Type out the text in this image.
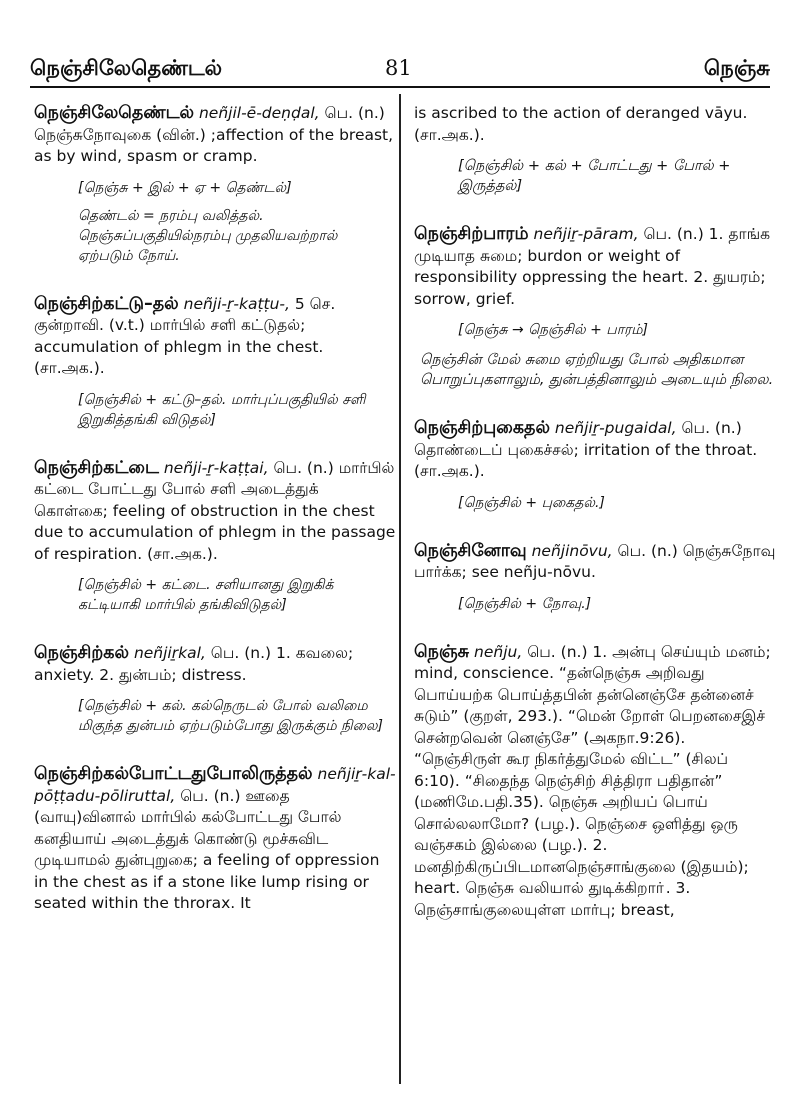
நெஞ்சிலேதெண்டல்	81	நெஞ்சு
நெஞ்சிலேதெண்டல் neñjil-ē-deṇḍal, பெ. (n.) நெஞ்சுநோவுகை (வின்.) ;affection of the breast, as by wind, spasm or cramp.
[நெஞ்சு + இல் + ஏ + தெண்டல்]
தெண்டல் = நரம்பு வலித்தல். நெஞ்சுப்பகுதியில்நரம்பு முதலியவற்றால் ஏற்படும் நோய்.
நெஞ்சிற்கட்டு–தல் neñji-ṟ-kaṭṭu-, 5 செ. குன்றாவி. (v.t.) மார்பில் சளி கட்டுதல்; accumulation of phlegm in the chest. (சா.அக.).
[நெஞ்சில் + கட்டு–தல். மார்புப்பகுதியில் சளி இறுகித்தங்கி விடுதல்]
நெஞ்சிற்கட்டை neñji-ṟ-kaṭṭai, பெ. (n.) மார்பில் கட்டை போட்டது போல் சளி அடைத்துக் கொள்கை; feeling of obstruction in the chest due to accumulation of phlegm in the passage of respiration. (சா.அக.).
[நெஞ்சில் + கட்டை. சளியானது இறுகிக் கட்டியாகி மார்பில் தங்கிவிடுதல்]
நெஞ்சிற்கல் neñjiṟkal, பெ. (n.) 1. கவலை; anxiety. 2. துன்பம்; distress.
[நெஞ்சில் + கல். கல்நெருடல் போல் வலிமை மிகுந்த துன்பம் ஏற்படும்போது இருக்கும் நிலை]
நெஞ்சிற்கல்போட்டதுபோலிருத்தல் neñjiṟ-kal-pōṭṭadu-pōliruttal, பெ. (n.) ஊதை (வாயு)வினால் மார்பில் கல்போட்டது போல் கனதியாய் அடைத்துக் கொண்டு மூச்சுவிட முடியாமல் துன்புறுகை; a feeling of oppression in the chest as if a stone like lump rising or seated within the throrax. It
is ascribed to the action of deranged vāyu. (சா.அக.).
[நெஞ்சில் + கல் + போட்டது + போல் + இருத்தல்]
நெஞ்சிற்பாரம் neñjiṟ-pāram, பெ. (n.) 1. தாங்க முடியாத சுமை; burdon or weight of responsibility oppressing the heart. 2. துயரம்; sorrow, grief.
[நெஞ்சு → நெஞ்சில் + பாரம்]
நெஞ்சின் மேல் சுமை ஏற்றியது போல் அதிகமான பொறுப்புகளாலும், துன்பத்தினாலும் அடையும் நிலை.
நெஞ்சிற்புகைதல் neñjiṟ-pugaidal, பெ. (n.) தொண்டைப் புகைச்சல்; irritation of the throat. (சா.அக.).
[நெஞ்சில் + புகைதல்.]
நெஞ்சினோவு neñjinōvu, பெ. (n.) நெஞ்சுநோவு பார்க்க; see neñju-nōvu.
[நெஞ்சில் + நோவு.]
நெஞ்சு neñju, பெ. (n.) 1. அன்பு செய்யும் மனம்; mind, conscience. “தன்நெஞ்சு அறிவது பொய்யற்க பொய்த்தபின் தன்னெஞ்சே தன்னைச் சுடும்” (குறள், 293.). “மென் றோள் பெறனசைஇச் சென்றவென் னெஞ்சே” (அகநா.9:26). “நெஞ்சிருள் கூர நிகர்த்துமேல் விட்ட” (சிலப் 6:10). “சிதைந்த நெஞ்சிற் சித்திரா பதிதான்” (மணிமே.பதி.35). நெஞ்சு அறியப் பொய் சொல்லலாமோ? (பழ.). நெஞ்சை ஒளித்து ஒரு வஞ்சகம் இல்லை (பழ.). 2. மனதிற்கிருப்பிடமானநெஞ்சாங்குலை (இதயம்); heart. நெஞ்சு வலியால் துடிக்கிறாா். 3. நெஞ்சாங்குலையுள்ள மார்பு; breast,
